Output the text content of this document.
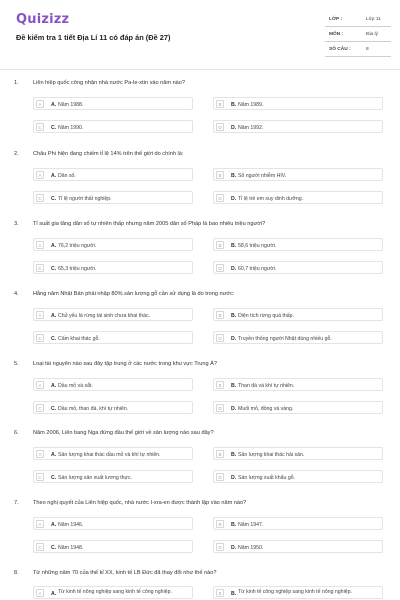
Quizizz
Đề kiểm tra 1 tiết Địa Lí 11 có đáp án (Đề 27)
LỚP :	Lớp 11
MÔN :	Địa lý
SỐ CÂU :	8
1.	Liên hiệp quốc công nhận nhà nước Pa-le-xtin vào năm nào?
A	A. Năm 1988.	B	B. Năm 1989.
C	C. Năm 1990.	D	D. Năm 1992.
2.	Châu Phi hiện đang chiếm tỉ lệ 14% trên thế giới do chính là:
A	A. Dân số.	B	B. Số người nhiễm HIV.
C	C. Tỉ lệ người thất nghiệp.	D	D. Tỉ lệ trẻ em suy dinh dưỡng.
3.	Tỉ suất gia tăng dân số tự nhiên thấp nhưng năm 2005 dân số Pháp là bao nhiêu triệu người?
A	A. 76,2 triệu người.	B	B. 58,6 triệu người.
C	C. 65,3 triệu người.	D	D. 60,7 triệu người.
4.	Hằng năm Nhật Bản phải nhập 80% sản lượng gỗ cần sử dụng là do trong nước:
A	A. Chủ yếu là rừng tái sinh chưa khai thác.	B	B. Diện tích rừng quá thấp.
C	C. Cấm khai thác gỗ.	D	D. Truyền thống người Nhật dùng nhiều gỗ.
5.	Loại tài nguyên nào sau đây tập trung ở các nước trong khu vực Trung Á?
A	A. Dầu mỏ và sắt.	B	B. Than đá và khí tự nhiên.
C	C. Dầu mỏ, than đá, khí tự nhiên.	D	D. Muối mỏ, đồng và vàng.
6.	Năm 2006, Liên bang Nga đứng đầu thế giới về sản lượng nào sau đây?
A	A. Sản lượng khai thác dầu mỏ và khí tự nhiên.	B	B. Sản lượng khai thác hải sản.
C	C. Sản lượng sản xuất lương thực.	D	D. Sản lượng xuất khẩu gỗ.
7.	Theo nghị quyết của Liên hiệp quốc, nhà nước I-xra-en được thành lập vào năm nào?
A	A. Năm 1946.	B	B. Năm 1947.
C	C. Năm 1948.	D	D. Năm 1950.
8.	Từ những năm 70 của thế kỉ XX, kinh tế LB Đức đã thay đổi như thế nào?
A	A. Từ kinh tế nông nghiệp sang kinh tế công nghiệp.	B	B. Từ kinh tế công nghiệp sang kinh tế nông nghiệp.
